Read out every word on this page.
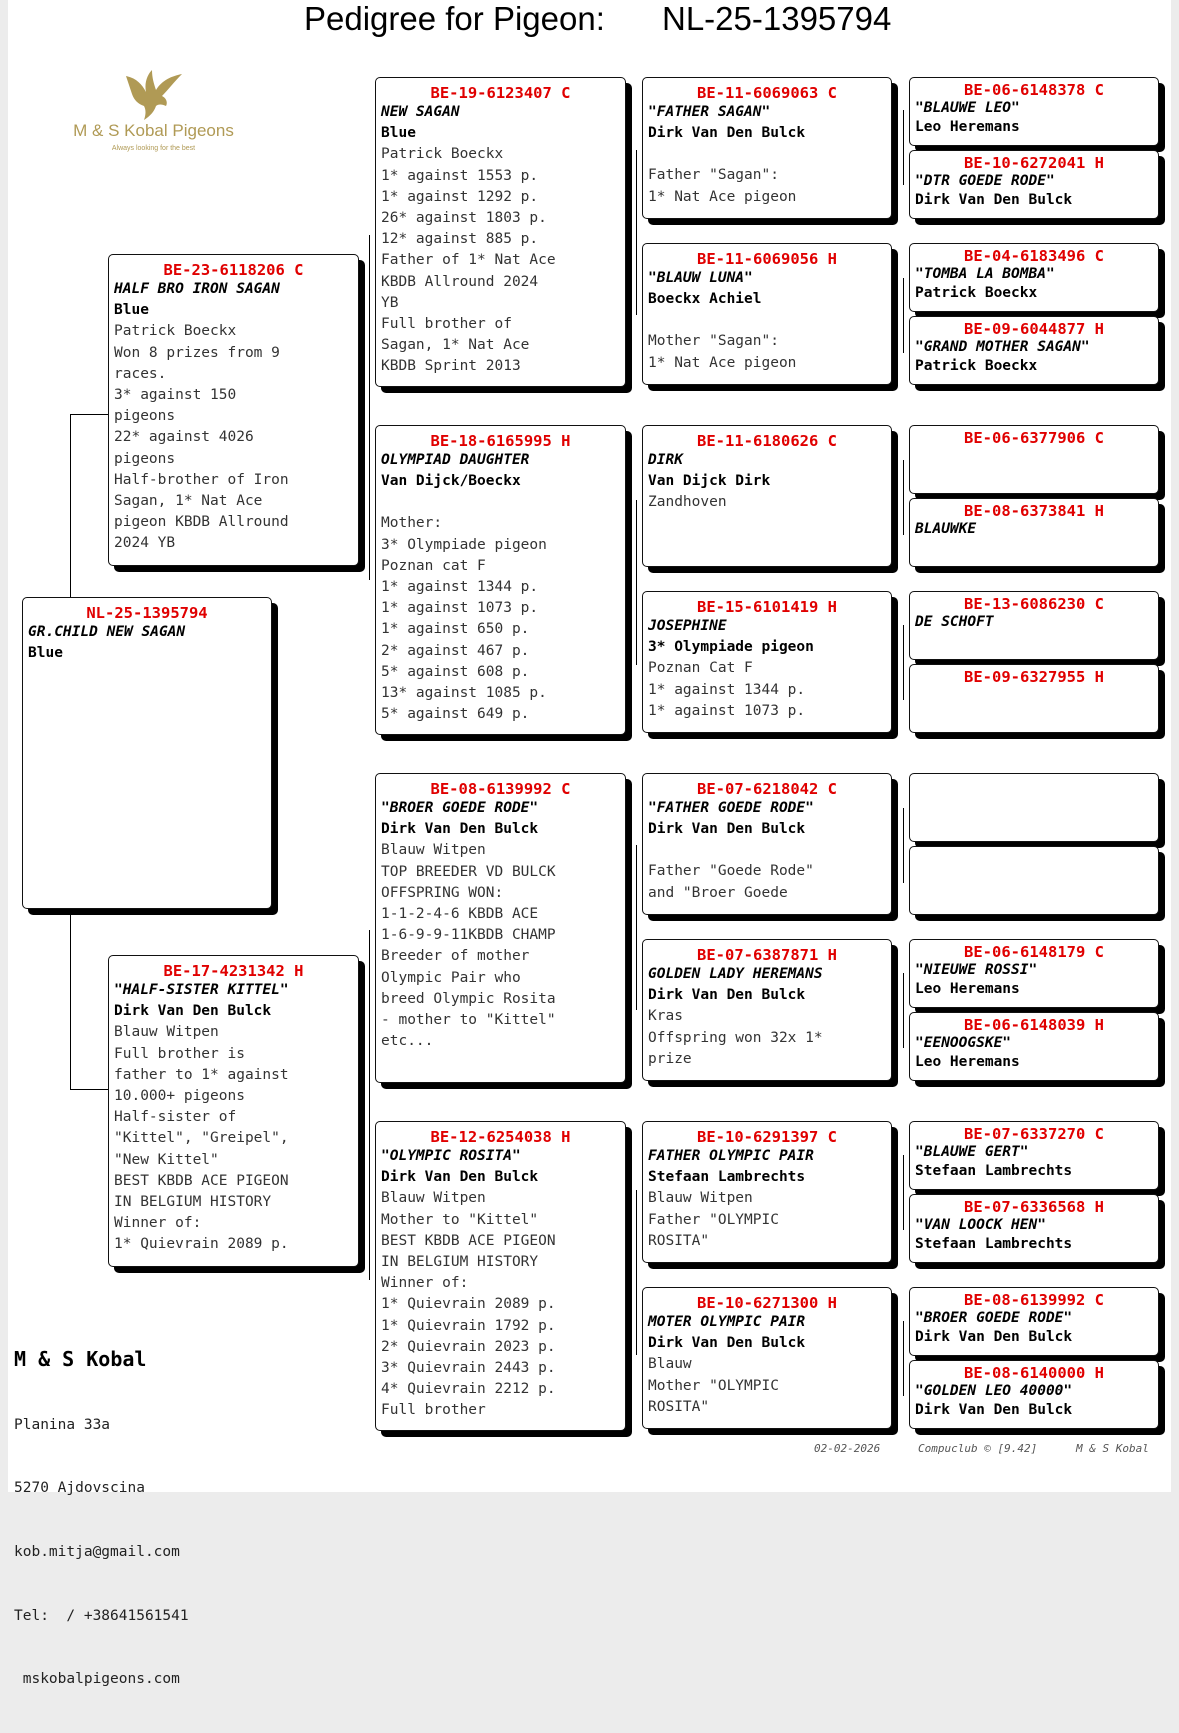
Pedigree for Pigeon: NL-25-1395794
M & S Kobal Pigeons
Always looking for the best
NL-25-1395794
GR.CHILD NEW SAGAN
Blue
BE-23-6118206 C
HALF BRO IRON SAGAN
Blue
Patrick Boeckx
Won 8 prizes from 9
races.
3* against 150
pigeons
22* against 4026
pigeons
Half-brother of Iron
Sagan, 1* Nat Ace
pigeon KBDB Allround
2024 YB
BE-17-4231342 H
"HALF-SISTER KITTEL"
Dirk Van Den Bulck
Blauw Witpen
Full brother is
father to 1* against
10.000+ pigeons
Half-sister of
"Kittel", "Greipel",
"New Kittel"
BEST KBDB ACE PIGEON
IN BELGIUM HISTORY
Winner of:
1* Quievrain 2089 p.
BE-19-6123407 C
NEW SAGAN
Blue
Patrick Boeckx
1* against 1553 p.
1* against 1292 p.
26* against 1803 p.
12* against 885 p.
Father of 1* Nat Ace
KBDB Allround 2024
YB
Full brother of
Sagan, 1* Nat Ace
KBDB Sprint 2013
BE-18-6165995 H
OLYMPIAD DAUGHTER
Van Dijck/Boeckx
Mother:
3* Olympiade pigeon
Poznan cat F
1* against 1344 p.
1* against 1073 p.
1* against 650 p.
2* against 467 p.
5* against 608 p.
13* against 1085 p.
5* against 649 p.
BE-08-6139992 C
"BROER GOEDE RODE"
Dirk Van Den Bulck
Blauw Witpen
TOP BREEDER VD BULCK
OFFSPRING WON:
1-1-2-4-6 KBDB ACE
1-6-9-9-11KBDB CHAMP
Breeder of mother
Olympic Pair who
breed Olympic Rosita
- mother to "Kittel"
etc...
BE-12-6254038 H
"OLYMPIC ROSITA"
Dirk Van Den Bulck
Blauw Witpen
Mother to "Kittel"
BEST KBDB ACE PIGEON
IN BELGIUM HISTORY
Winner of:
1* Quievrain 2089 p.
1* Quievrain 1792 p.
2* Quievrain 2023 p.
3* Quievrain 2443 p.
4* Quievrain 2212 p.
Full brother
BE-11-6069063 C
"FATHER SAGAN"
Dirk Van Den Bulck
Father "Sagan":
1* Nat Ace pigeon
BE-11-6069056 H
"BLAUW LUNA"
Boeckx Achiel
Mother "Sagan":
1* Nat Ace pigeon
BE-11-6180626 C
DIRK
Van Dijck Dirk
Zandhoven
BE-15-6101419 H
JOSEPHINE
3* Olympiade pigeon
Poznan Cat F
1* against 1344 p.
1* against 1073 p.
BE-07-6218042 C
"FATHER GOEDE RODE"
Dirk Van Den Bulck
Father "Goede Rode"
and "Broer Goede
BE-07-6387871 H
GOLDEN LADY HEREMANS
Dirk Van Den Bulck
Kras
Offspring won 32x 1*
prize
BE-10-6291397 C
FATHER OLYMPIC PAIR
Stefaan Lambrechts
Blauw Witpen
Father "OLYMPIC
ROSITA"
BE-10-6271300 H
MOTER OLYMPIC PAIR
Dirk Van Den Bulck
Blauw
Mother "OLYMPIC
ROSITA"
BE-06-6148378 C
"BLAUWE LEO"
Leo Heremans
BE-10-6272041 H
"DTR GOEDE RODE"
Dirk Van Den Bulck
BE-04-6183496 C
"TOMBA LA BOMBA"
Patrick Boeckx
BE-09-6044877 H
"GRAND MOTHER SAGAN"
Patrick Boeckx
BE-06-6377906 C
BE-08-6373841 H
BLAUWKE
BE-13-6086230 C
DE SCHOFT
BE-09-6327955 H
BE-06-6148179 C
"NIEUWE ROSSI"
Leo Heremans
BE-06-6148039 H
"EENOOGSKE"
Leo Heremans
BE-07-6337270 C
"BLAUWE GERT"
Stefaan Lambrechts
BE-07-6336568 H
"VAN LOOCK HEN"
Stefaan Lambrechts
BE-08-6139992 C
"BROER GOEDE RODE"
Dirk Van Den Bulck
BE-08-6140000 H
"GOLDEN LEO 40000"
Dirk Van Den Bulck

M & S Kobal

Planina 33a

5270 Ajdovscina

kob.mitja@gmail.com

Tel:  / +38641561541

mskobalpigeons.com

02-02-2026	Compuclub © [9.42]	M & S Kobal
